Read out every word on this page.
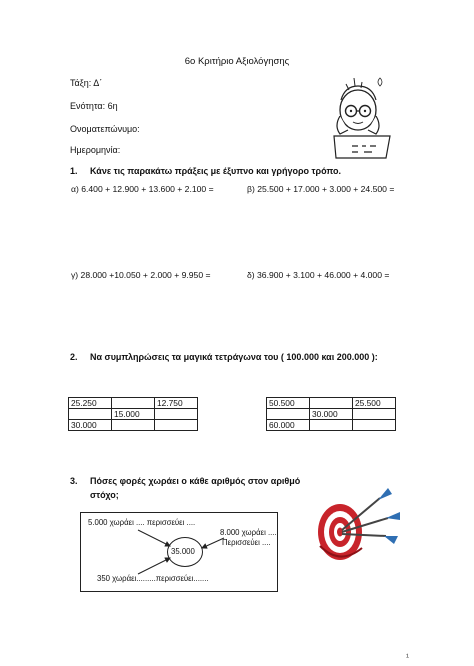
6ο Κριτήριο Αξιολόγησης
Τάξη: Δ΄
Ενότητα: 6η
Ονοματεπώνυμο:
Ημερομηνία:
1. Κάνε τις παρακάτω πράξεις με έξυπνο και γρήγορο τρόπο.
α) 6.400 + 12.900 + 13.600 + 2.100 =	β) 25.500 + 17.000 + 3.000 + 24.500 =
γ) 28.000 +10.050 + 2.000 + 9.950 =	δ) 36.900 + 3.100 + 46.000 + 4.000 =
2. Να συμπληρώσεις τα μαγικά τετράγωνα του ( 100.000 και 200.000 ):
25.250		12.750
	15.000	
30.000		
50.500		25.500
	30.000	
60.000		
3. Πόσες φορές χωράει ο κάθε αριθμός στον αριθμό
στόχο;
35.000
5.000 χωράει .... περισσεύει ....
8.000 χωράει ....
Περισσεύει ....
350 χωράει.........περισσεύει.......
¹
